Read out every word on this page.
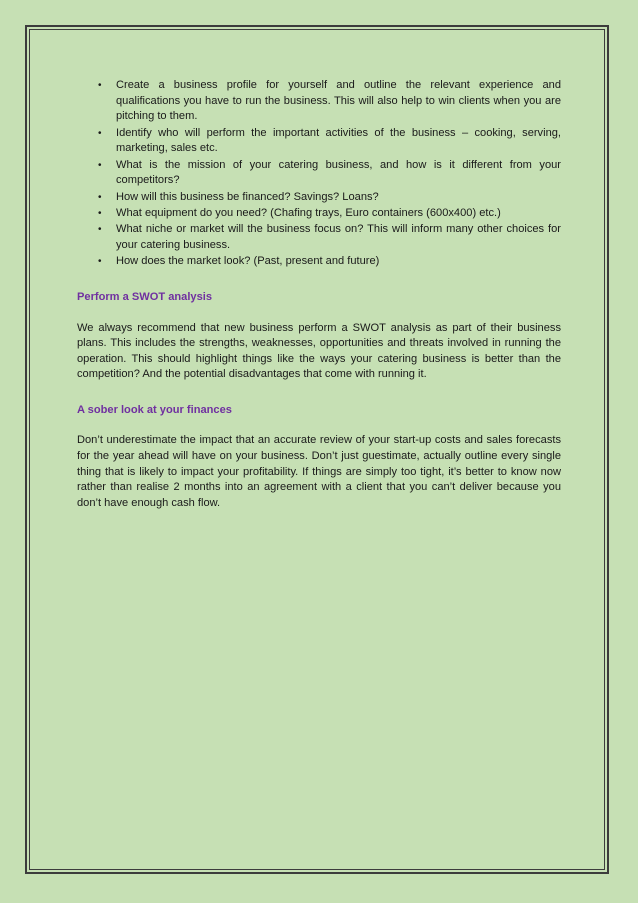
• Create a business profile for yourself and outline the relevant experience and qualifications you have to run the business. This will also help to win clients when you are pitching to them.
• Identify who will perform the important activities of the business – cooking, serving, marketing, sales etc.
• What is the mission of your catering business, and how is it different from your competitors?
• How will this business be financed? Savings? Loans?
• What equipment do you need? (Chafing trays, Euro containers (600x400) etc.)
• What niche or market will the business focus on? This will inform many other choices for your catering business.
• How does the market look? (Past, present and future)
Perform a SWOT analysis

We always recommend that new business perform a SWOT analysis as part of their business plans. This includes the strengths, weaknesses, opportunities and threats involved in running the operation. This should highlight things like the ways your catering business is better than the competition? And the potential disadvantages that come with running it.

A sober look at your finances

Don’t underestimate the impact that an accurate review of your start-up costs and sales forecasts for the year ahead will have on your business. Don’t just guestimate, actually outline every single thing that is likely to impact your profitability. If things are simply too tight, it’s better to know now rather than realise 2 months into an agreement with a client that you can’t deliver because you don’t have enough cash flow.
